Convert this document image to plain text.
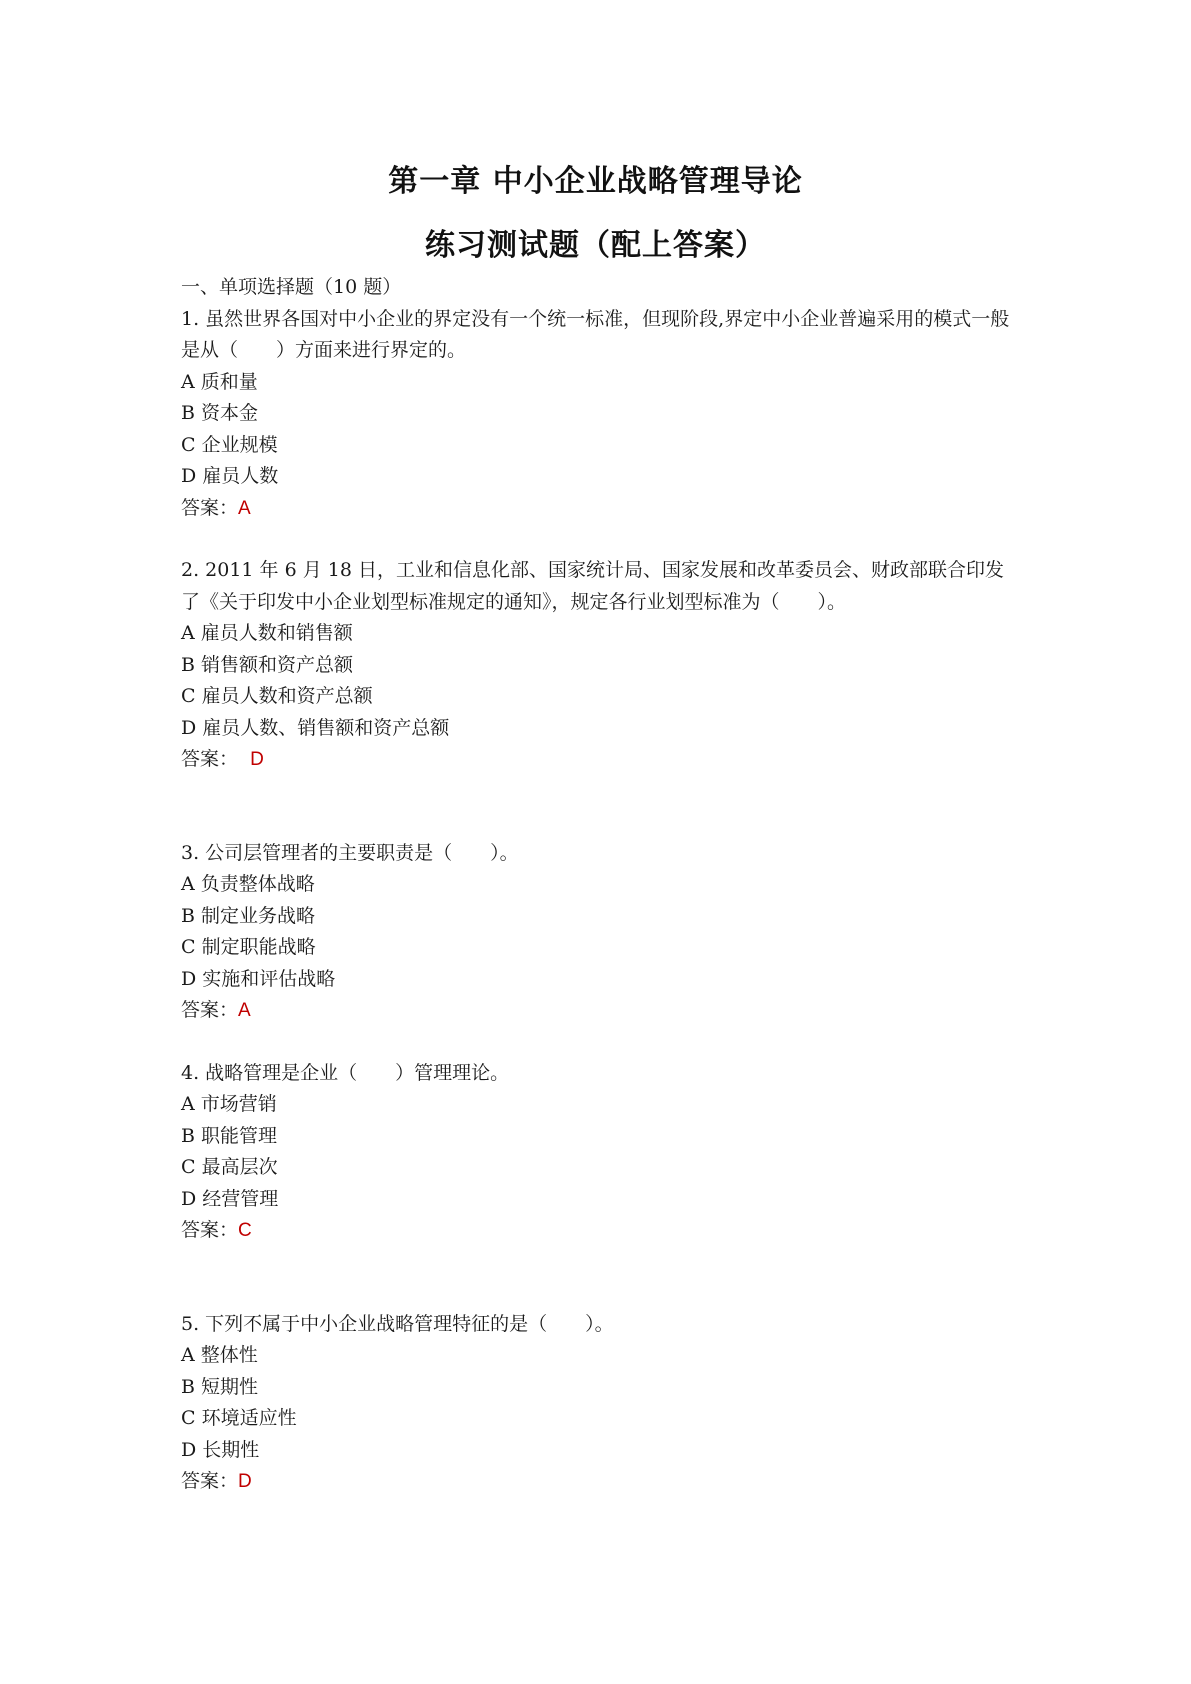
第一章 中小企业战略管理导论
练习测试题（配上答案）
一、单项选择题（10 题）
1. 虽然世界各国对中小企业的界定没有一个统一标准，但现阶段,界定中小企业普遍采用的模式一般是从（　　）方面来进行界定的。
A 质和量
B 资本金
C 企业规模
D 雇员人数
答案：A
2. 2011 年 6 月 18 日，工业和信息化部、国家统计局、国家发展和改革委员会、财政部联合印发了《关于印发中小企业划型标准规定的通知》，规定各行业划型标准为（　　）。
A 雇员人数和销售额
B 销售额和资产总额
C 雇员人数和资产总额
D 雇员人数、销售额和资产总额
答案： D
3. 公司层管理者的主要职责是（　　）。
A 负责整体战略
B 制定业务战略
C 制定职能战略
D 实施和评估战略
答案：A
4. 战略管理是企业（　　）管理理论。
A 市场营销
B 职能管理
C 最高层次
D 经营管理
答案：C
5. 下列不属于中小企业战略管理特征的是（　　）。
A 整体性
B 短期性
C 环境适应性
D 长期性
答案：D
